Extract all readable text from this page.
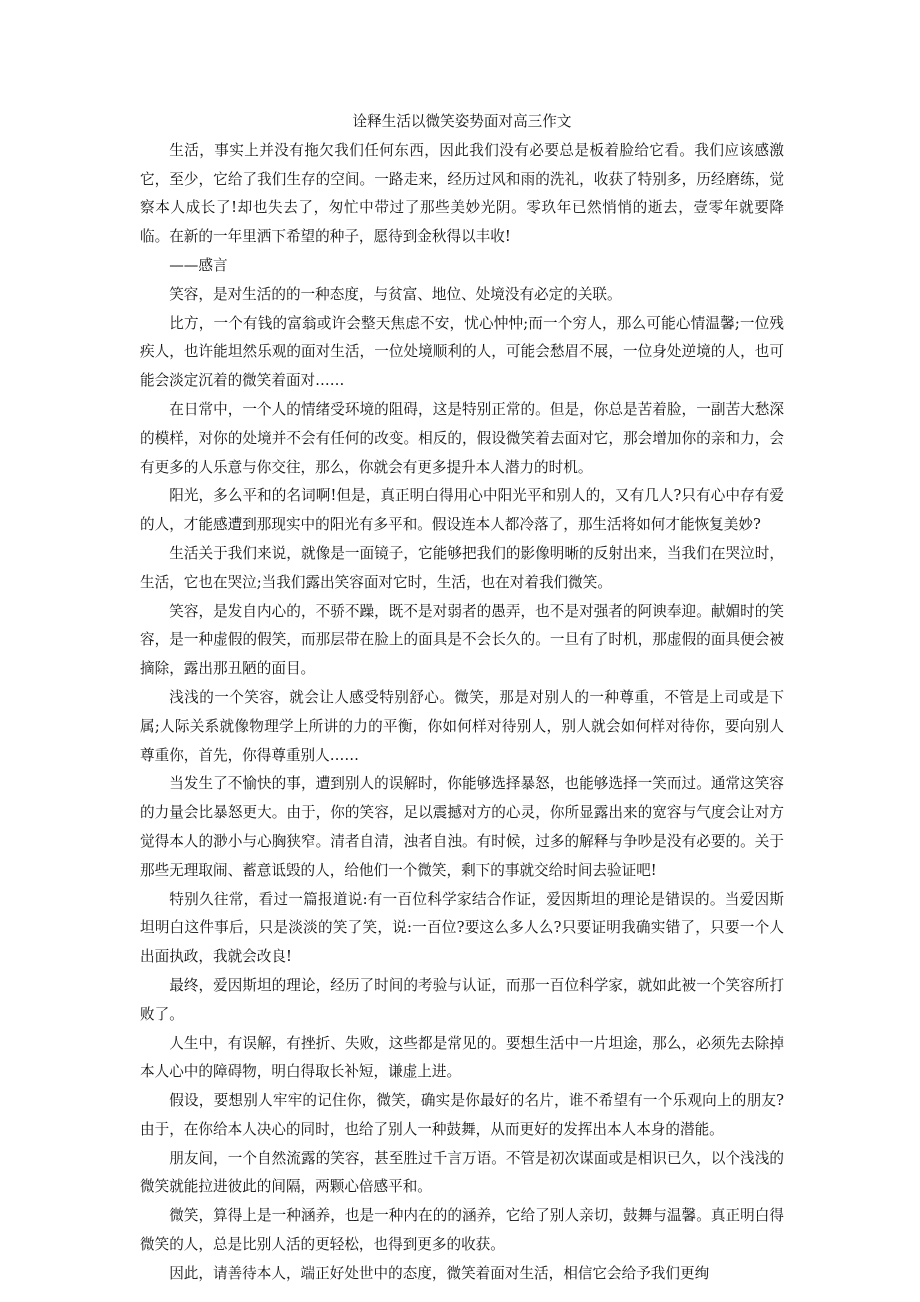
诠释生活以微笑姿势面对高三作文

生活，事实上并没有拖欠我们任何东西，因此我们没有必要总是板着脸给它看。我们应该感激它，至少，它给了我们生存的空间。一路走来，经历过风和雨的洗礼，收获了特别多，历经磨练，觉察本人成长了!却也失去了，匆忙中带过了那些美妙光阴。零玖年已然悄悄的逝去，壹零年就要降临。在新的一年里洒下希望的种子，愿待到金秋得以丰收!

——感言

笑容，是对生活的的一种态度，与贫富、地位、处境没有必定的关联。

比方，一个有钱的富翁或许会整天焦虑不安，忧心忡忡;而一个穷人，那么可能心情温馨;一位残疾人，也许能坦然乐观的面对生活，一位处境顺利的人，可能会愁眉不展，一位身处逆境的人，也可能会淡定沉着的微笑着面对……

在日常中，一个人的情绪受环境的阻碍，这是特别正常的。但是，你总是苦着脸，一副苦大愁深的模样，对你的处境并不会有任何的改变。相反的，假设微笑着去面对它，那会增加你的亲和力，会有更多的人乐意与你交往，那么，你就会有更多提升本人潜力的时机。

阳光，多么平和的名词啊!但是，真正明白得用心中阳光平和别人的，又有几人?只有心中存有爱的人，才能感遭到那现实中的阳光有多平和。假设连本人都冷落了，那生活将如何才能恢复美妙?

生活关于我们来说，就像是一面镜子，它能够把我们的影像明晰的反射出来，当我们在哭泣时，生活，它也在哭泣;当我们露出笑容面对它时，生活，也在对着我们微笑。

笑容，是发自内心的，不骄不躁，既不是对弱者的愚弄，也不是对强者的阿谀奉迎。献媚时的笑容，是一种虚假的假笑，而那层带在脸上的面具是不会长久的。一旦有了时机，那虚假的面具便会被摘除，露出那丑陋的面目。

浅浅的一个笑容，就会让人感受特别舒心。微笑，那是对别人的一种尊重，不管是上司或是下属;人际关系就像物理学上所讲的力的平衡，你如何样对待别人，别人就会如何样对待你，要向别人尊重你，首先，你得尊重别人……

当发生了不愉快的事，遭到别人的误解时，你能够选择暴怒，也能够选择一笑而过。通常这笑容的力量会比暴怒更大。由于，你的笑容，足以震撼对方的心灵，你所显露出来的宽容与气度会让对方觉得本人的渺小与心胸狭窄。清者自清，浊者自浊。有时候，过多的解释与争吵是没有必要的。关于那些无理取闹、蓄意诋毁的人，给他们一个微笑，剩下的事就交给时间去验证吧!

特别久往常，看过一篇报道说:有一百位科学家结合作证，爱因斯坦的理论是错误的。当爱因斯坦明白这件事后，只是淡淡的笑了笑，说:一百位?要这么多人么?只要证明我确实错了，只要一个人出面执政，我就会改良!

最终，爱因斯坦的理论，经历了时间的考验与认证，而那一百位科学家，就如此被一个笑容所打败了。

人生中，有误解，有挫折、失败，这些都是常见的。要想生活中一片坦途，那么，必须先去除掉本人心中的障碍物，明白得取长补短，谦虚上进。

假设，要想别人牢牢的记住你，微笑，确实是你最好的名片，谁不希望有一个乐观向上的朋友?由于，在你给本人决心的同时，也给了别人一种鼓舞，从而更好的发挥出本人本身的潜能。

朋友间，一个自然流露的笑容，甚至胜过千言万语。不管是初次谋面或是相识已久，以个浅浅的微笑就能拉进彼此的间隔，两颗心倍感平和。

微笑，算得上是一种涵养，也是一种内在的的涵养，它给了别人亲切，鼓舞与温馨。真正明白得微笑的人，总是比别人活的更轻松，也得到更多的收获。

因此，请善待本人，端正好处世中的态度，微笑着面对生活，相信它会给予我们更绚
